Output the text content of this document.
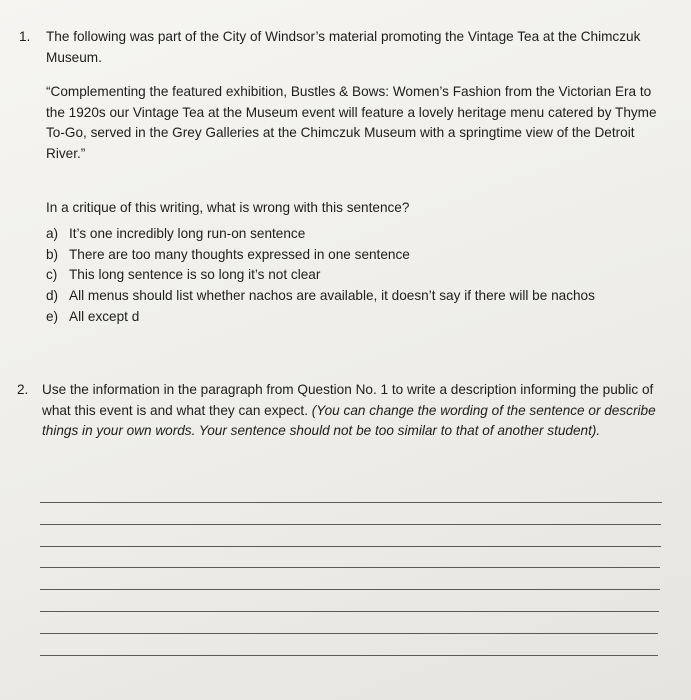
1. The following was part of the City of Windsor’s material promoting the Vintage Tea at the Chimczuk Museum.
“Complementing the featured exhibition, Bustles & Bows: Women’s Fashion from the Victorian Era to the 1920s our Vintage Tea at the Museum event will feature a lovely heritage menu catered by Thyme To-Go, served in the Grey Galleries at the Chimczuk Museum with a springtime view of the Detroit River.”
In a critique of this writing, what is wrong with this sentence?
a) It’s one incredibly long run-on sentence
b) There are too many thoughts expressed in one sentence
c) This long sentence is so long it’s not clear
d) All menus should list whether nachos are available, it doesn’t say if there will be nachos
e) All except d
2. Use the information in the paragraph from Question No. 1 to write a description informing the public of what this event is and what they can expect. (You can change the wording of the sentence or describe things in your own words. Your sentence should not be too similar to that of another student).
